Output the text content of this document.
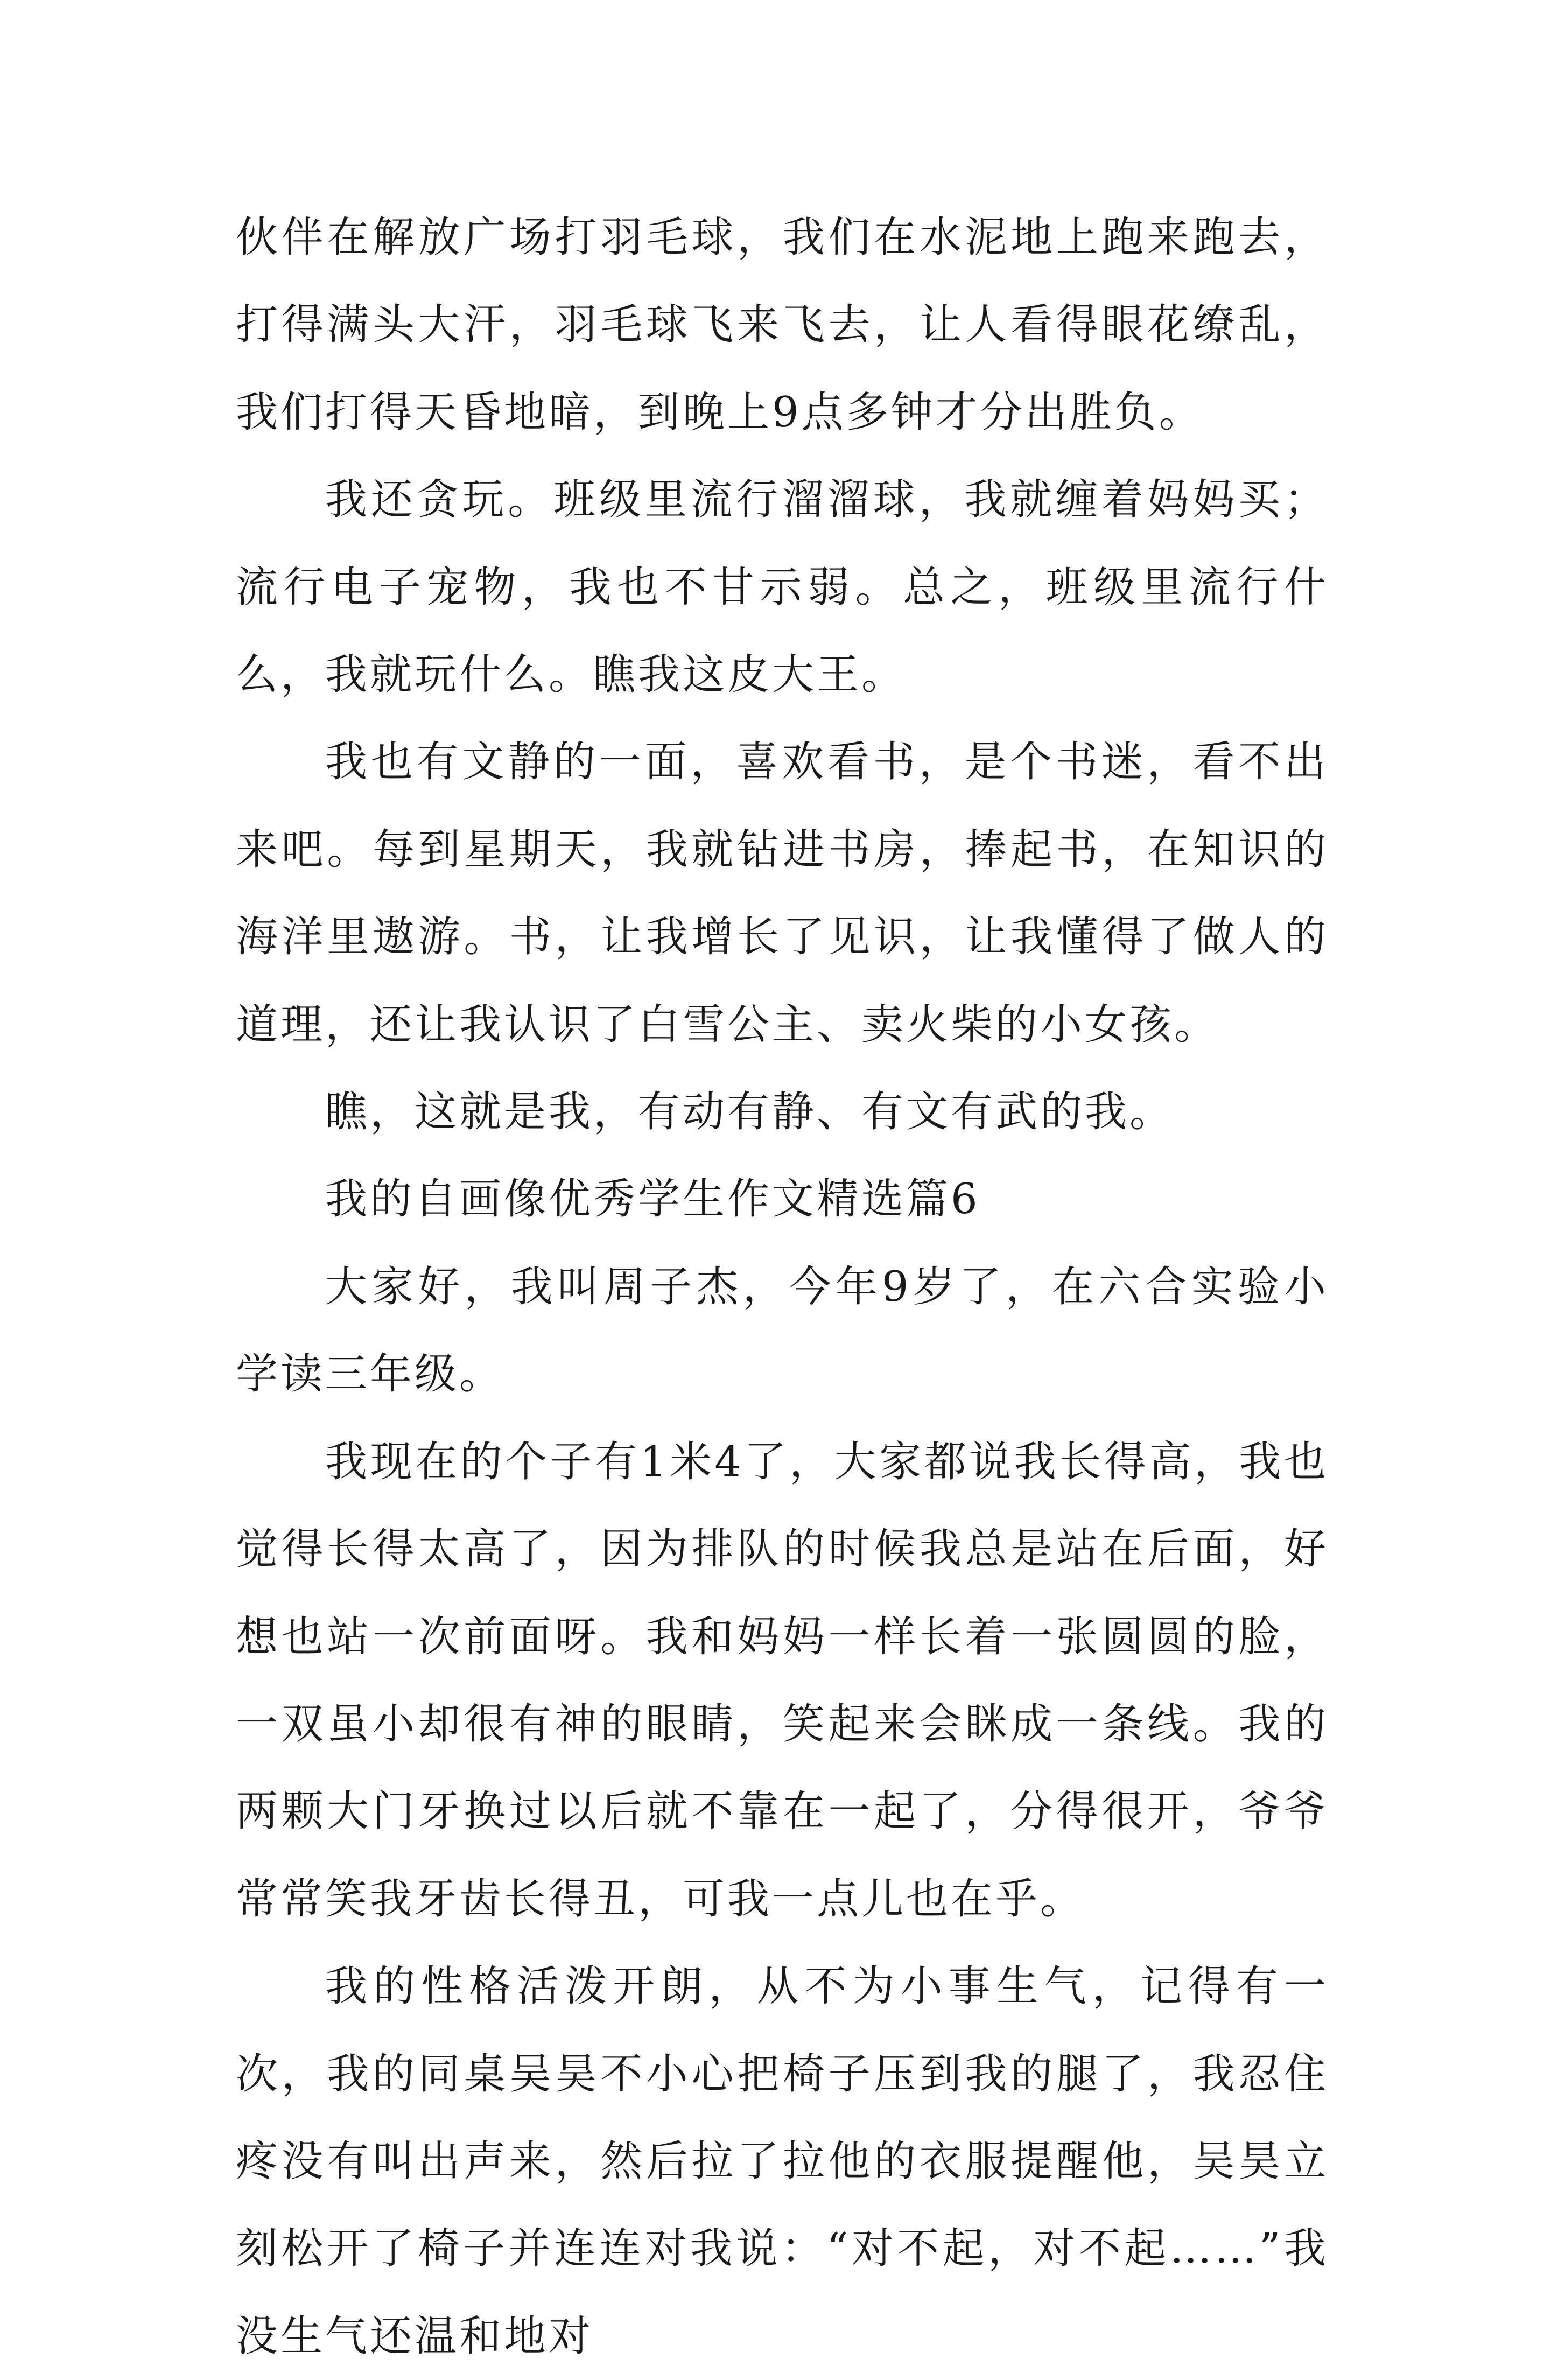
伙伴在解放广场打羽毛球，我们在水泥地上跑来跑去，打得满头大汗，羽毛球飞来飞去，让人看得眼花缭乱，我们打得天昏地暗，到晚上9点多钟才分出胜负。

我还贪玩。班级里流行溜溜球，我就缠着妈妈买；流行电子宠物，我也不甘示弱。总之，班级里流行什么，我就玩什么。瞧我这皮大王。

我也有文静的一面，喜欢看书，是个书迷，看不出来吧。每到星期天，我就钻进书房，捧起书，在知识的海洋里遨游。书，让我增长了见识，让我懂得了做人的道理，还让我认识了白雪公主、卖火柴的小女孩。

瞧，这就是我，有动有静、有文有武的我。

我的自画像优秀学生作文精选篇6

大家好，我叫周子杰，今年9岁了，在六合实验小学读三年级。

我现在的个子有1米4了，大家都说我长得高，我也觉得长得太高了，因为排队的时候我总是站在后面，好想也站一次前面呀。我和妈妈一样长着一张圆圆的脸，一双虽小却很有神的眼睛，笑起来会眯成一条线。我的两颗大门牙换过以后就不靠在一起了，分得很开，爷爷常常笑我牙齿长得丑，可我一点儿也在乎。

我的性格活泼开朗，从不为小事生气，记得有一次，我的同桌吴昊不小心把椅子压到我的腿了，我忍住疼没有叫出声来，然后拉了拉他的衣服提醒他，吴昊立刻松开了椅子并连连对我说：“对不起，对不起……”我没生气还温和地对
